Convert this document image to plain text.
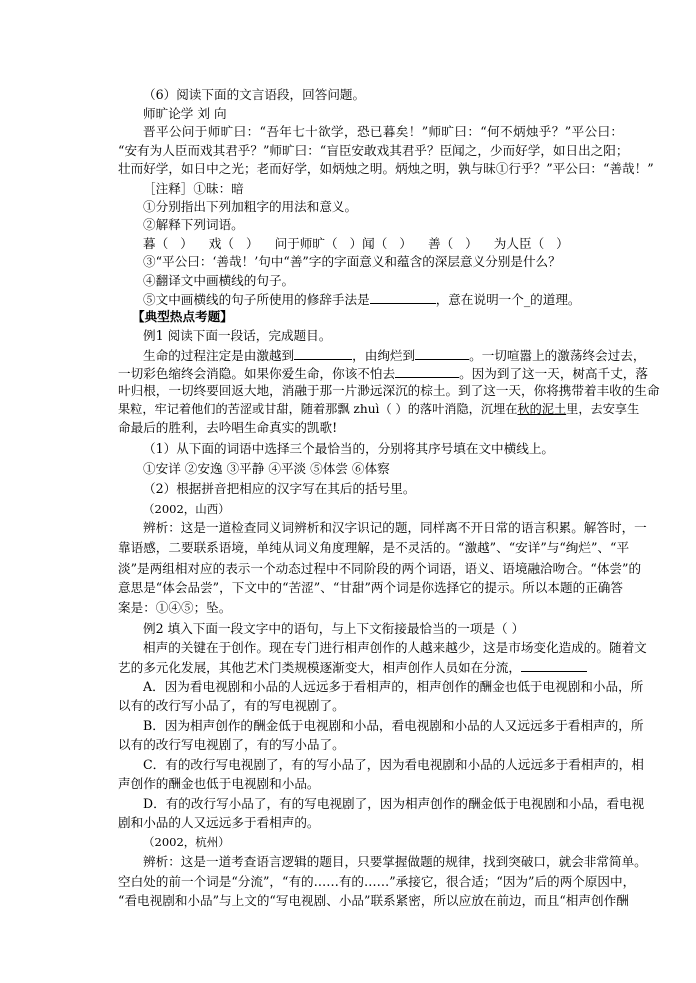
（6）阅读下面的文言语段，回答问题。
师旷论学 刘 向
晋平公问于师旷曰：“吾年七十欲学，恐已暮矣！”师旷曰：“何不炳烛乎？”平公曰：
“安有为人臣而戏其君乎？”师旷曰：“盲臣安敢戏其君乎？臣闻之，少而好学，如日出之阳；
壮而好学，如日中之光；老而好学，如炳烛之明。炳烛之明，孰与昧①行乎？”平公曰：“善哉！”
［注释］①昧：暗
①分别指出下列加粗字的用法和意义。
②解释下列词语。
暮（   ）    戏（   ）    问于师旷（   ）闻（   ）    善（   ）    为人臣（   ）
③“平公曰：‘善哉！’句中“善”字的字面意义和蕴含的深层意义分别是什么？
④翻译文中画横线的句子。
⑤文中画横线的句子所使用的修辞手法是	，意在说明一个_的道理。
【典型热点考题】
例1 阅读下面一段话，完成题目。
生命的过程注定是由激越到	，由绚烂到	。一切喧嚣上的激荡终会过去，
一切彩色缩终会消隐。如果你爱生命，你该不怕去	。因为到了这一天，树高千丈，落
叶归根，一切终要回返大地，消融于那一片渺远深沉的棕土。到了这一天，你将携带着丰收的生命
果粒，牢记着他们的苦涩或甘甜，随着那飘 zhuì（ ）的落叶消隐，沉埋在秋的泥土里，去安享生
命最后的胜利，去吟唱生命真实的凯歌!
（1）从下面的词语中选择三个最恰当的，分别将其序号填在文中横线上。
①安详 ②安逸 ③平静 ④平淡 ⑤体尝 ⑥体察
（2）根据拼音把相应的汉字写在其后的括号里。
（2002，山西）
辨析：这是一道检查同义词辨析和汉字识记的题，同样离不开日常的语言积累。解答时，一
靠语感，二要联系语境，单纯从词义角度理解，是不灵活的。“激越”、“安详”与“绚烂”、“平
淡”是两组相对应的表示一个动态过程中不同阶段的两个词语，语义、语境融洽吻合。“体尝”的
意思是“体会品尝”，下文中的“苦涩”、“甘甜”两个词是你选择它的提示。所以本题的正确答
案是：①④⑤；坠。
例2 填入下面一段文字中的语句，与上下文衔接最恰当的一项是（ ）
相声的关键在于创作。现在专门进行相声创作的人越来越少，这是市场变化造成的。随着文
艺的多元化发展，其他艺术门类规模逐渐变大，相声创作人员如在分流，
A．因为看电视剧和小品的人远远多于看相声的，相声创作的酬金也低于电视剧和小品，所
以有的改行写小品了，有的写电视剧了。
B．因为相声创作的酬金低于电视剧和小品，看电视剧和小品的人又远远多于看相声的，所
以有的改行写电视剧了，有的写小品了。
C．有的改行写电视剧了，有的写小品了，因为看电视剧和小品的人远远多于看相声的，相
声创作的酬金也低于电视剧和小品。
D．有的改行写小品了，有的写电视剧了，因为相声创作的酬金低于电视剧和小品，看电视
剧和小品的人又远远多于看相声的。
（2002，杭州）
辨析：这是一道考查语言逻辑的题目，只要掌握做题的规律，找到突破口，就会非常简单。
空白处的前一个词是“分流”，“有的……有的……”承接它，很合适；“因为”后的两个原因中，
“看电视剧和小品”与上文的“写电视剧、小品”联系紧密，所以应放在前边，而且“相声创作酬
